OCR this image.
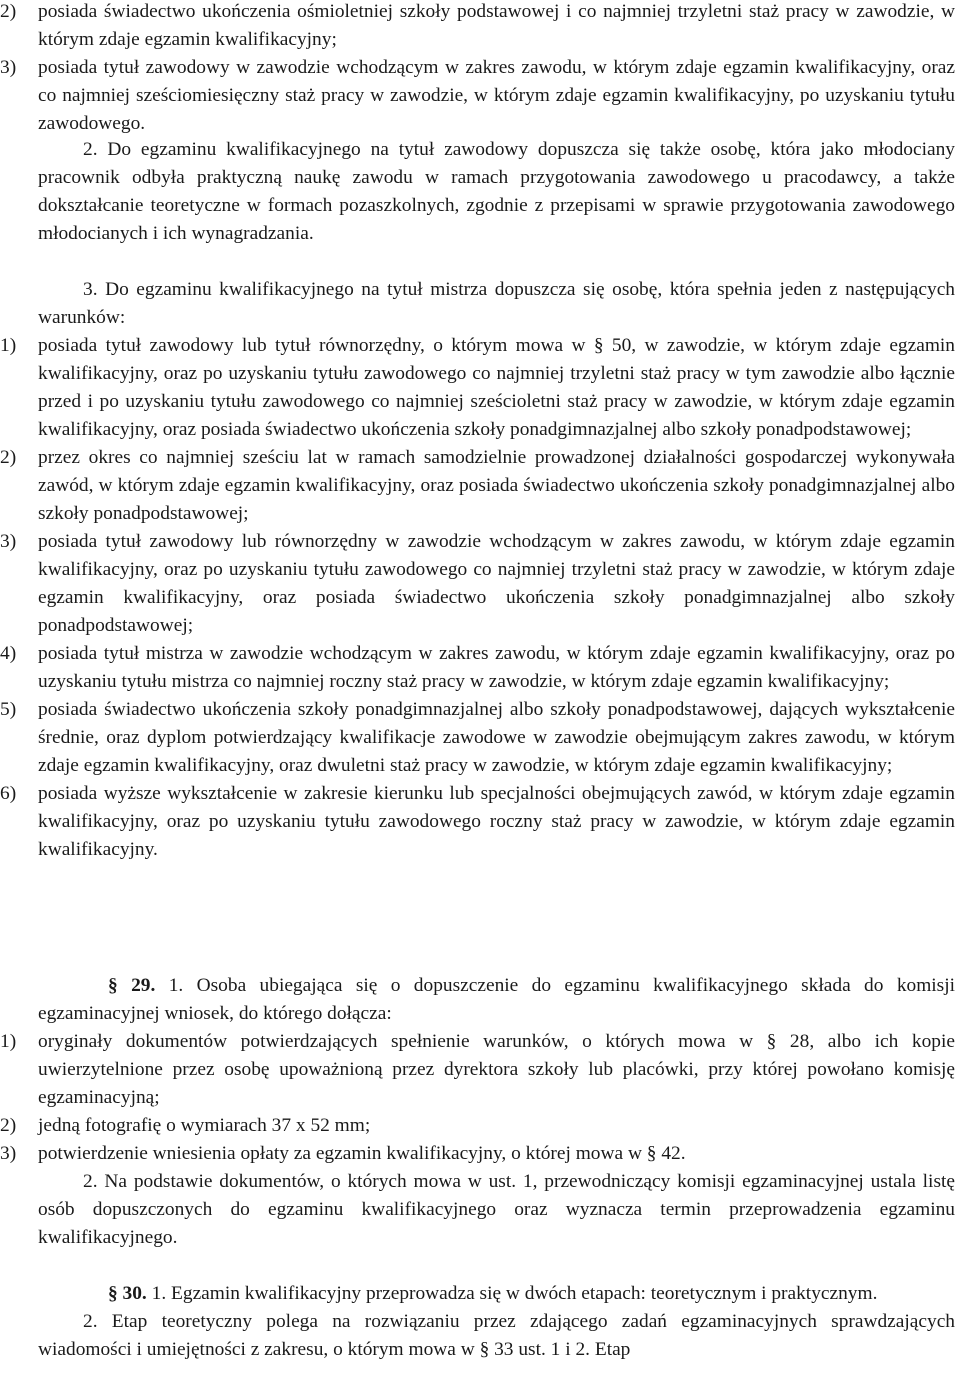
2)	posiada świadectwo ukończenia ośmioletniej szkoły podstawowej i co najmniej trzyletni staż pracy w zawodzie, w którym zdaje egzamin kwalifikacyjny;
3)	posiada tytuł zawodowy w zawodzie wchodzącym w zakres zawodu, w którym zdaje egzamin kwalifikacyjny, oraz co najmniej sześciomiesięczny staż pracy w zawodzie, w którym zdaje egzamin kwalifikacyjny, po uzyskaniu tytułu zawodowego.
2. Do egzaminu kwalifikacyjnego na tytuł zawodowy dopuszcza się także osobę, która jako młodociany pracownik odbyła praktyczną naukę zawodu w ramach przygotowania zawodowego u pracodawcy, a także dokształcanie teoretyczne w formach pozaszkolnych, zgodnie z przepisami w sprawie przygotowania zawodowego młodocianych i ich wynagradzania.
3. Do egzaminu kwalifikacyjnego na tytuł mistrza dopuszcza się osobę, która spełnia jeden z następujących warunków:
1)	posiada tytuł zawodowy lub tytuł równorzędny, o którym mowa w § 50, w zawodzie, w którym zdaje egzamin kwalifikacyjny, oraz po uzyskaniu tytułu zawodowego co najmniej trzyletni staż pracy w tym zawodzie albo łącznie przed i po uzyskaniu tytułu zawodowego co najmniej sześcioletni staż pracy w zawodzie, w którym zdaje egzamin kwalifikacyjny, oraz posiada świadectwo ukończenia szkoły ponadgimnazjalnej albo szkoły ponadpodstawowej;
2)	przez okres co najmniej sześciu lat w ramach samodzielnie prowadzonej działalności gospodarczej wykonywała zawód, w którym zdaje egzamin kwalifikacyjny, oraz posiada świadectwo ukończenia szkoły ponadgimnazjalnej albo szkoły ponadpodstawowej;
3)	posiada tytuł zawodowy lub równorzędny w zawodzie wchodzącym w zakres zawodu, w którym zdaje egzamin kwalifikacyjny, oraz po uzyskaniu tytułu zawodowego co najmniej trzyletni staż pracy w zawodzie, w którym zdaje egzamin kwalifikacyjny, oraz posiada świadectwo ukończenia szkoły ponadgimnazjalnej albo szkoły ponadpodstawowej;
4)	posiada tytuł mistrza w zawodzie wchodzącym w zakres zawodu, w którym zdaje egzamin kwalifikacyjny, oraz po uzyskaniu tytułu mistrza co najmniej roczny staż pracy w zawodzie, w którym zdaje egzamin kwalifikacyjny;
5)	posiada świadectwo ukończenia szkoły ponadgimnazjalnej albo szkoły ponadpodstawowej, dających wykształcenie średnie, oraz dyplom potwierdzający kwalifikacje zawodowe w zawodzie obejmującym zakres zawodu, w którym zdaje egzamin kwalifikacyjny, oraz dwuletni staż pracy w zawodzie, w którym zdaje egzamin kwalifikacyjny;
6)	posiada wyższe wykształcenie w zakresie kierunku lub specjalności obejmujących zawód, w którym zdaje egzamin kwalifikacyjny, oraz po uzyskaniu tytułu zawodowego roczny staż pracy w zawodzie, w którym zdaje egzamin kwalifikacyjny.
§ 29. 1. Osoba ubiegająca się o dopuszczenie do egzaminu kwalifikacyjnego składa do komisji egzaminacyjnej wniosek, do którego dołącza:
1)	oryginały dokumentów potwierdzających spełnienie warunków, o których mowa w § 28, albo ich kopie uwierzytelnione przez osobę upoważnioną przez dyrektora szkoły lub placówki, przy której powołano komisję egzaminacyjną;
2)	jedną fotografię o wymiarach 37 x 52 mm;
3)	potwierdzenie wniesienia opłaty za egzamin kwalifikacyjny, o której mowa w § 42.
2. Na podstawie dokumentów, o których mowa w ust. 1, przewodniczący komisji egzaminacyjnej ustala listę osób dopuszczonych do egzaminu kwalifikacyjnego oraz wyznacza termin przeprowadzenia egzaminu kwalifikacyjnego.
§ 30. 1. Egzamin kwalifikacyjny przeprowadza się w dwóch etapach: teoretycznym i praktycznym.
2. Etap teoretyczny polega na rozwiązaniu przez zdającego zadań egzaminacyjnych sprawdzających wiadomości i umiejętności z zakresu, o którym mowa w § 33 ust. 1 i 2. Etap
